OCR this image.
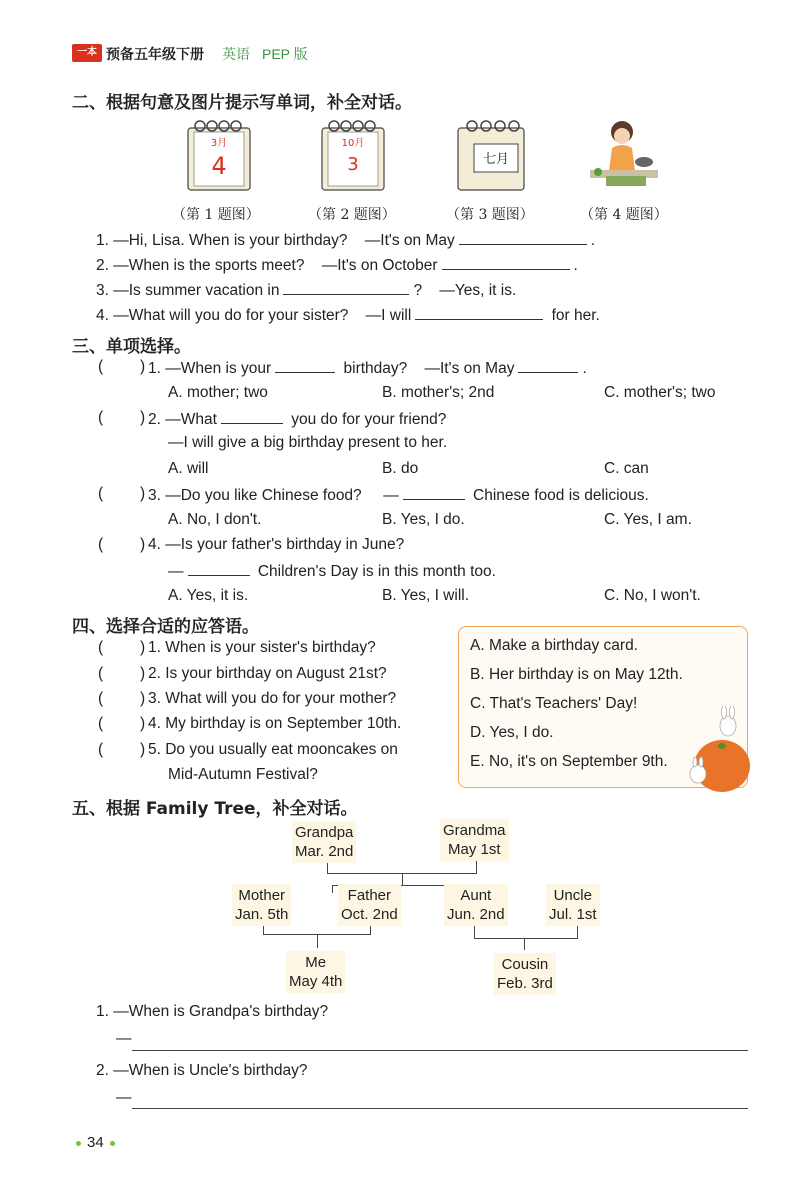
一本 预备五年级下册 英语 PEP 版
二、根据句意及图片提示写单词，补全对话。
3月
4
10月
3	七月
（第 1 题图）	（第 2 题图）	（第 3 题图）	（第 4 题图）
1. —Hi, Lisa. When is your birthday? —It's on May	.
2. —When is the sports meet? —It's on October	.
3. —Is summer vacation in	? —Yes, it is.
4. —What will you do for your sister? —I will	for her.
三、单项选择。
( ) 1. —When is your	birthday? —It's on May	.
A. mother; two	B. mother's; 2nd	C. mother's; two
( ) 2. —What	you do for your friend?
—I will give a big birthday present to her.
A. will	B. do	C. can
( ) 3. —Do you like Chinese food? —	Chinese food is delicious.
A. No, I don't.	B. Yes, I do.	C. Yes, I am.
( ) 4. —Is your father's birthday in June?
—	Children's Day is in this month too.
A. Yes, it is.	B. Yes, I will.	C. No, I won't.
四、选择合适的应答语。
( ) 1. When is your sister's birthday?
( ) 2. Is your birthday on August 21st?
( ) 3. What will you do for your mother?
( ) 4. My birthday is on September 10th.
( ) 5. Do you usually eat mooncakes on
Mid-Autumn Festival?
A. Make a birthday card.
B. Her birthday is on May 12th.
C. That's Teachers' Day!
D. Yes, I do.
E. No, it's on September 9th.
五、根据 Family Tree，补全对话。
Grandpa
Mar. 2nd
Grandma
May 1st
Mother
Jan. 5th
Father
Oct. 2nd
Aunt
Jun. 2nd
Uncle
Jul. 1st
Me
May 4th
Cousin
Feb. 3rd
1. —When is Grandpa's birthday?
—
2. —When is Uncle's birthday?
—
34
